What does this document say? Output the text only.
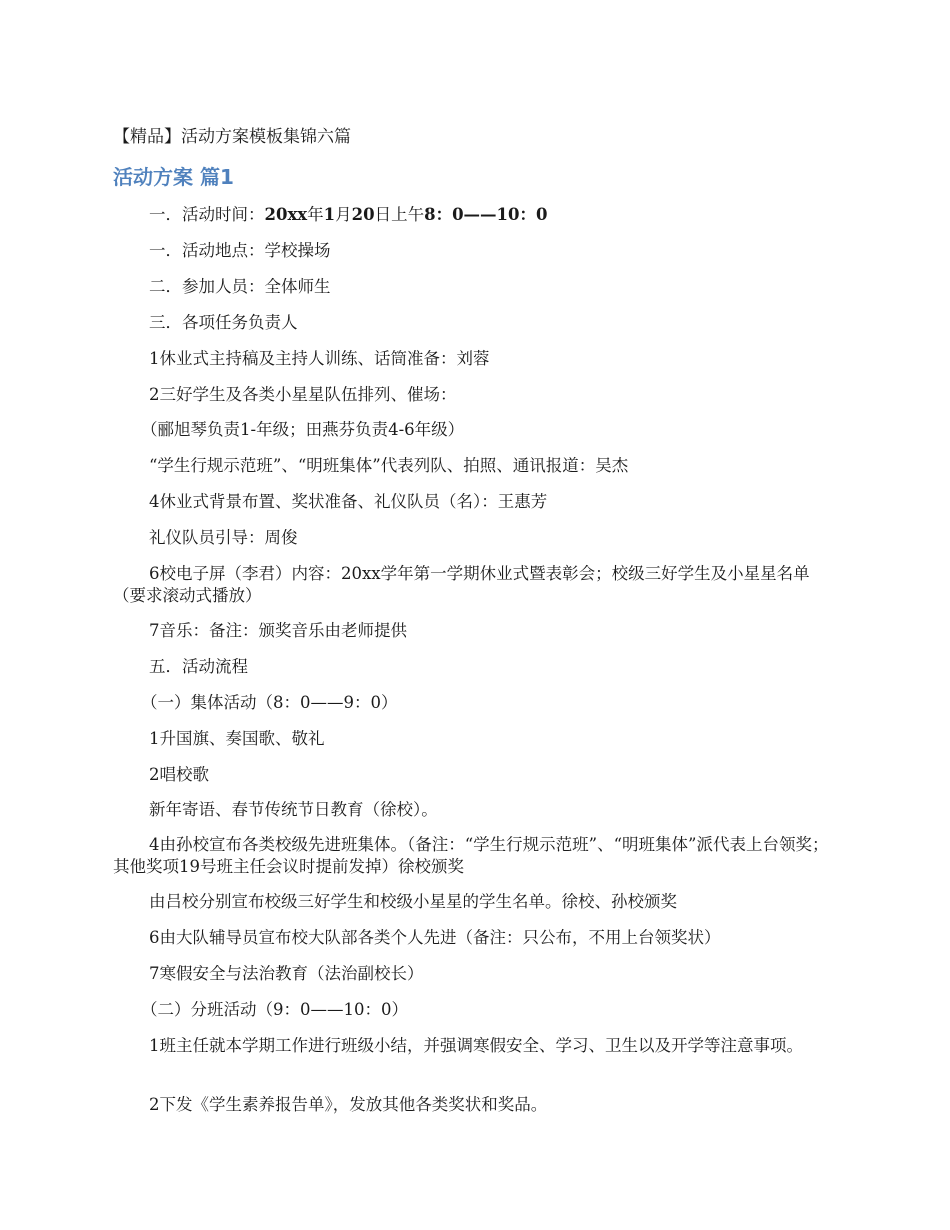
【精品】活动方案模板集锦六篇
活动方案 篇1
一．活动时间：20xx年1月20日上午8：0——10：0
一．活动地点：学校操场
二．参加人员：全体师生
三．各项任务负责人
1休业式主持稿及主持人训练、话筒准备：刘蓉
2三好学生及各类小星星队伍排列、催场：
（郦旭琴负责1-年级；田燕芬负责4-6年级）
“学生行规示范班”、“明班集体”代表列队、拍照、通讯报道：吴杰
4休业式背景布置、奖状准备、礼仪队员（名）：王惠芳
礼仪队员引导：周俊
6校电子屏（李君）内容：20xx学年第一学期休业式暨表彰会；校级三好学生及小星星名单（要求滚动式播放）
7音乐：备注：颁奖音乐由老师提供
五．活动流程
（一）集体活动（8：0——9：0）
1升国旗、奏国歌、敬礼
2唱校歌
新年寄语、春节传统节日教育（徐校）。
4由孙校宣布各类校级先进班集体。（备注：“学生行规示范班”、“明班集体”派代表上台领奖；其他奖项19号班主任会议时提前发掉）徐校颁奖
由吕校分别宣布校级三好学生和校级小星星的学生名单。徐校、孙校颁奖
6由大队辅导员宣布校大队部各类个人先进（备注：只公布，不用上台领奖状）
7寒假安全与法治教育（法治副校长）
（二）分班活动（9：0——10：0）
1班主任就本学期工作进行班级小结，并强调寒假安全、学习、卫生以及开学等注意事项。
2下发《学生素养报告单》，发放其他各类奖状和奖品。
